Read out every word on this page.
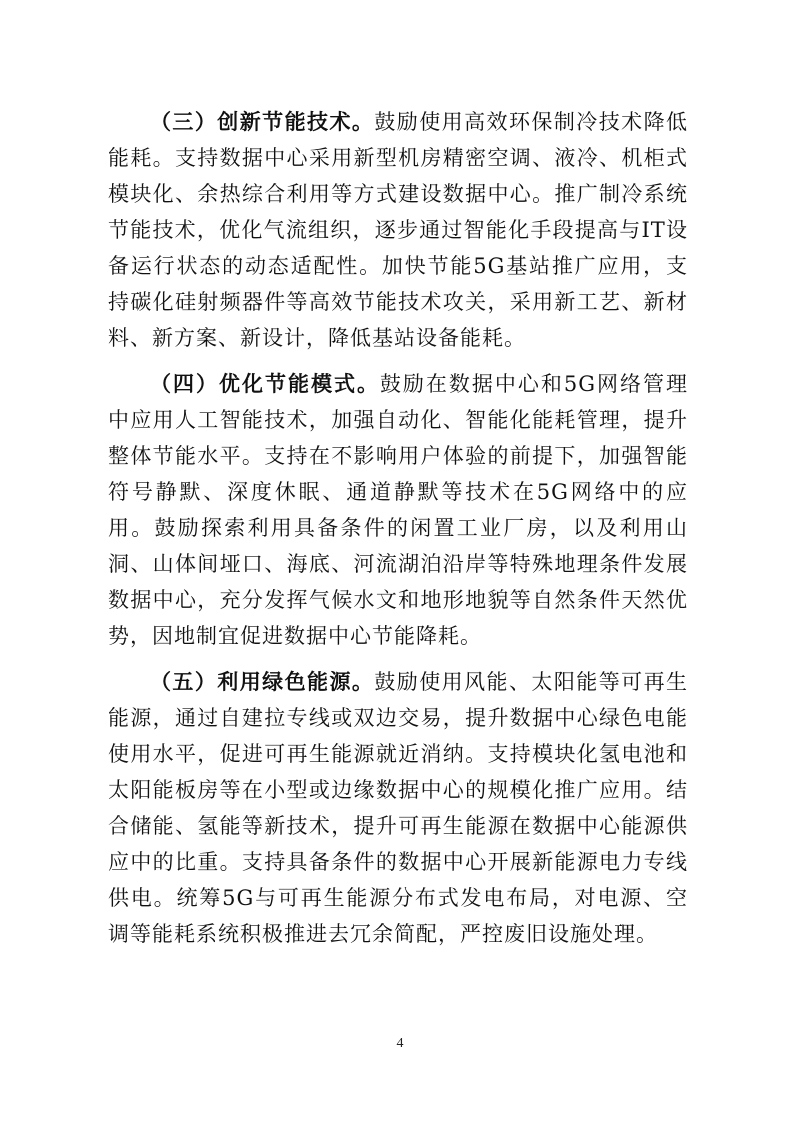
（三）创新节能技术。鼓励使用高效环保制冷技术降低能耗。支持数据中心采用新型机房精密空调、液冷、机柜式模块化、余热综合利用等方式建设数据中心。推广制冷系统节能技术，优化气流组织，逐步通过智能化手段提高与IT设备运行状态的动态适配性。加快节能5G基站推广应用，支持碳化硅射频器件等高效节能技术攻关，采用新工艺、新材料、新方案、新设计，降低基站设备能耗。

（四）优化节能模式。鼓励在数据中心和5G网络管理中应用人工智能技术，加强自动化、智能化能耗管理，提升整体节能水平。支持在不影响用户体验的前提下，加强智能符号静默、深度休眠、通道静默等技术在5G网络中的应用。鼓励探索利用具备条件的闲置工业厂房，以及利用山洞、山体间垭口、海底、河流湖泊沿岸等特殊地理条件发展数据中心，充分发挥气候水文和地形地貌等自然条件天然优势，因地制宜促进数据中心节能降耗。

（五）利用绿色能源。鼓励使用风能、太阳能等可再生能源，通过自建拉专线或双边交易，提升数据中心绿色电能使用水平，促进可再生能源就近消纳。支持模块化氢电池和太阳能板房等在小型或边缘数据中心的规模化推广应用。结合储能、氢能等新技术，提升可再生能源在数据中心能源供应中的比重。支持具备条件的数据中心开展新能源电力专线供电。统筹5G与可再生能源分布式发电布局，对电源、空调等能耗系统积极推进去冗余简配，严控废旧设施处理。

4
